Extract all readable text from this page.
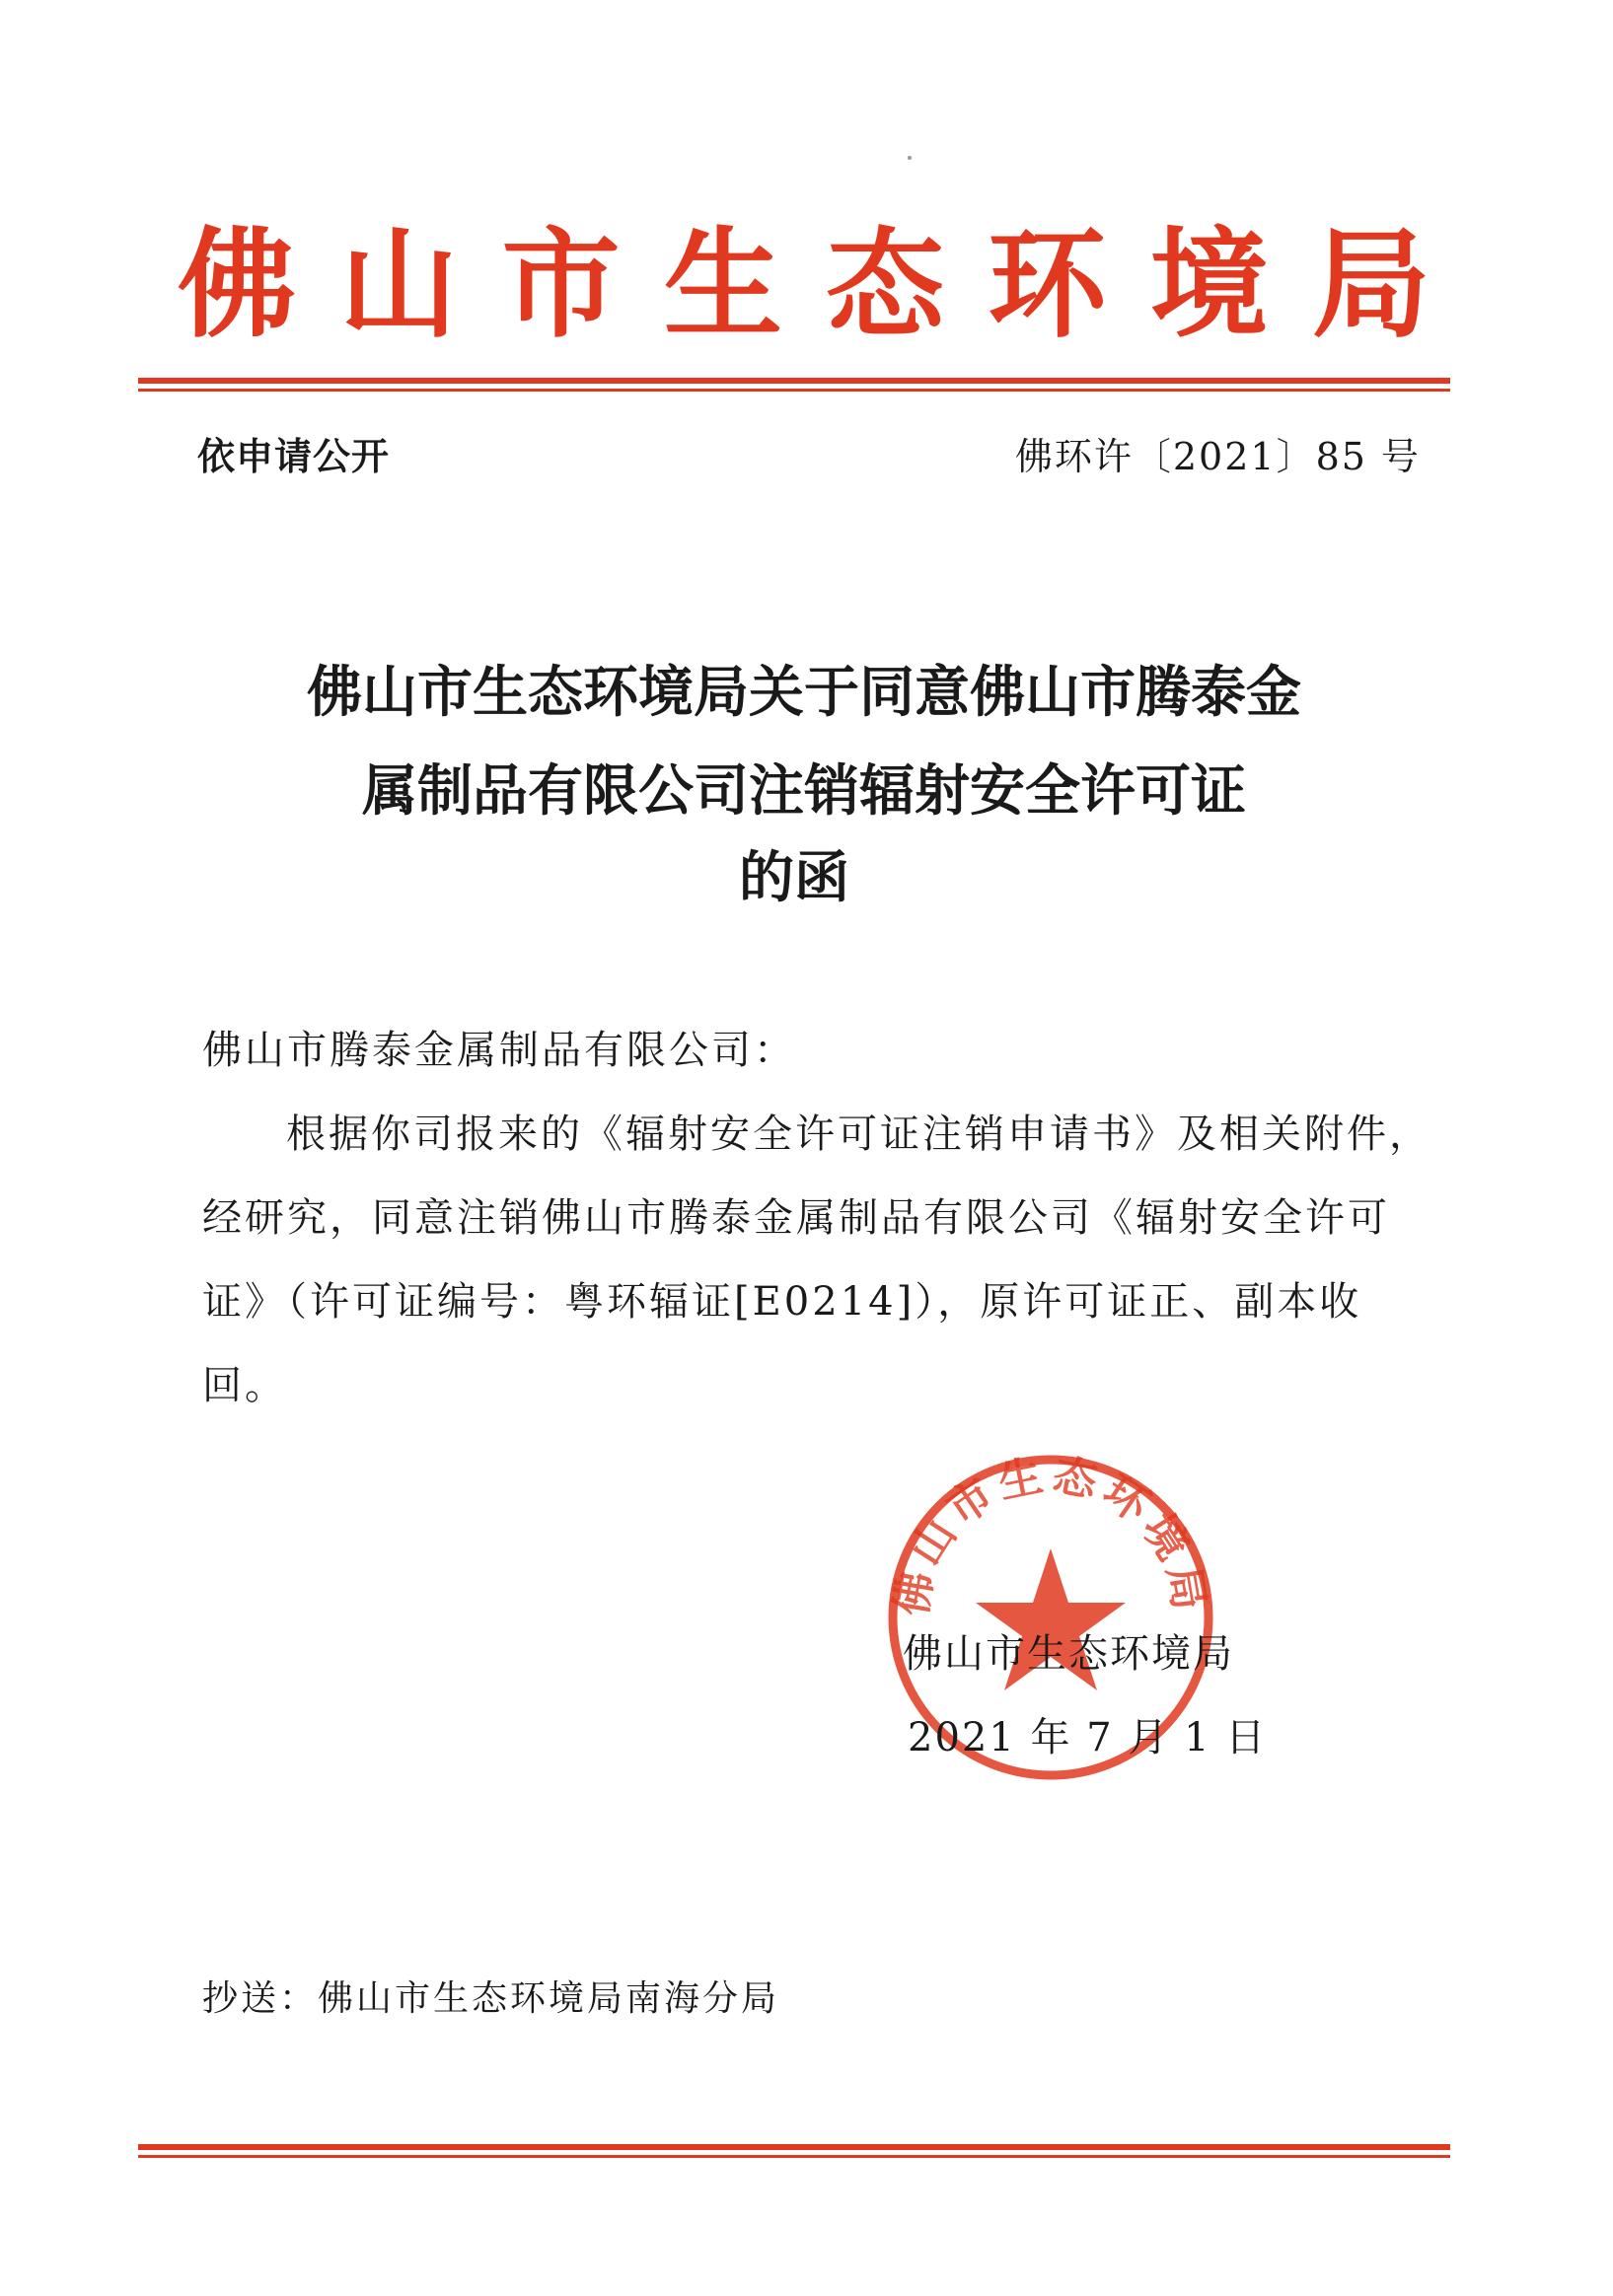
佛 山 市 生 态 环 境 局
依申请公开	佛环许〔2021〕85 号
佛山市生态环境局关于同意佛山市腾泰金
属制品有限公司注销辐射安全许可证
的函
佛山市腾泰金属制品有限公司：
根据你司报来的《辐射安全许可证注销申请书》及相关附件，
经研究，同意注销佛山市腾泰金属制品有限公司《辐射安全许可
证》（许可证编号：粤环辐证[E0214]），原许可证正、副本收
回。
佛山市生态环境局
佛山市生态环境局
2021 年 7 月 1 日
抄送：佛山市生态环境局南海分局
